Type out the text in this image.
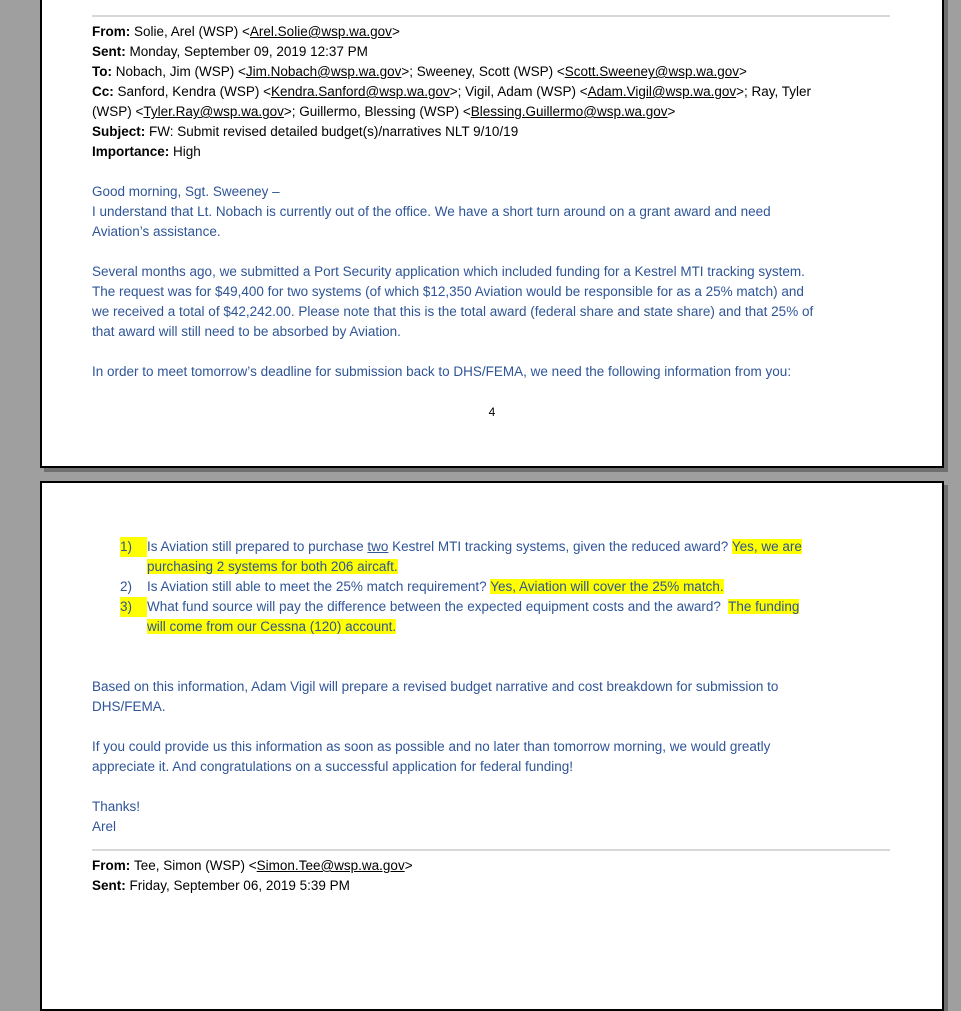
From: Solie, Arel (WSP) <Arel.Solie@wsp.wa.gov>
Sent: Monday, September 09, 2019 12:37 PM
To: Nobach, Jim (WSP) <Jim.Nobach@wsp.wa.gov>; Sweeney, Scott (WSP) <Scott.Sweeney@wsp.wa.gov>
Cc: Sanford, Kendra (WSP) <Kendra.Sanford@wsp.wa.gov>; Vigil, Adam (WSP) <Adam.Vigil@wsp.wa.gov>; Ray, Tyler
(WSP) <Tyler.Ray@wsp.wa.gov>; Guillermo, Blessing (WSP) <Blessing.Guillermo@wsp.wa.gov>
Subject: FW: Submit revised detailed budget(s)/narratives NLT 9/10/19
Importance: High
Good morning, Sgt. Sweeney –
I understand that Lt. Nobach is currently out of the office. We have a short turn around on a grant award and need
Aviation’s assistance.
Several months ago, we submitted a Port Security application which included funding for a Kestrel MTI tracking system.
The request was for $49,400 for two systems (of which $12,350 Aviation would be responsible for as a 25% match) and
we received a total of $42,242.00. Please note that this is the total award (federal share and state share) and that 25% of
that award will still need to be absorbed by Aviation.
In order to meet tomorrow’s deadline for submission back to DHS/FEMA, we need the following information from you:
4
1) Is Aviation still prepared to purchase two Kestrel MTI tracking systems, given the reduced award? Yes, we are
purchasing 2 systems for both 206 aircaft.
2) Is Aviation still able to meet the 25% match requirement? Yes, Aviation will cover the 25% match.
3) What fund source will pay the difference between the expected equipment costs and the award?  The funding
will come from our Cessna (120) account.
Based on this information, Adam Vigil will prepare a revised budget narrative and cost breakdown for submission to
DHS/FEMA.
If you could provide us this information as soon as possible and no later than tomorrow morning, we would greatly
appreciate it. And congratulations on a successful application for federal funding!
Thanks!
Arel
From: Tee, Simon (WSP) <Simon.Tee@wsp.wa.gov>
Sent: Friday, September 06, 2019 5:39 PM
